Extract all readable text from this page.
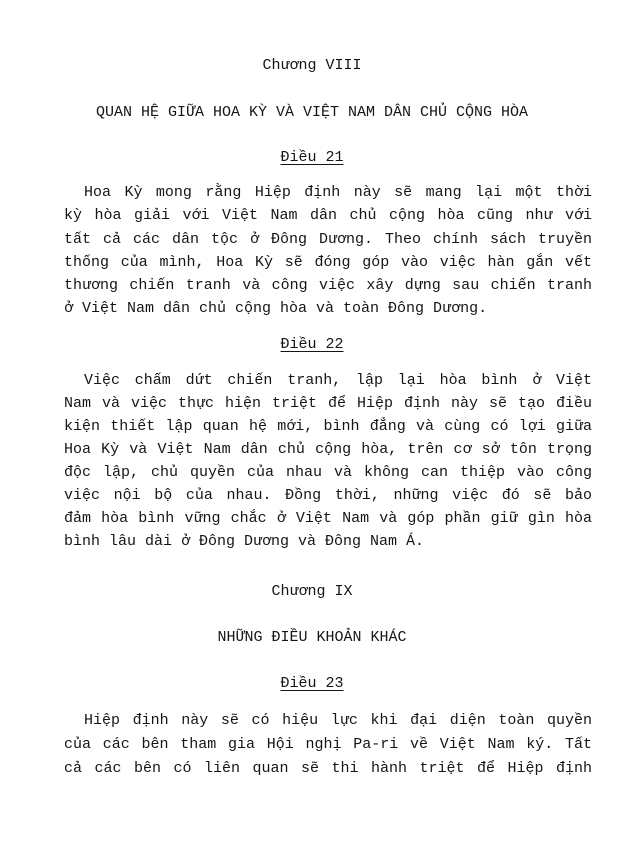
Chương VIII
QUAN HỆ GIỮA HOA KỲ VÀ VIỆT NAM DÂN CHỦ CỘNG HÒA
Điều 21
Hoa Kỳ mong rằng Hiệp định này sẽ mang lại một thời
kỳ hòa giải với Việt Nam dân chủ cộng hòa cũng như với
tất cả các dân tộc ở Đông Dương. Theo chính sách truyền
thống của mình, Hoa Kỳ sẽ đóng góp vào việc hàn gắn vết
thương chiến tranh và công việc xây dựng sau chiến tranh
ở Việt Nam dân chủ cộng hòa và toàn Đông Dương.
Điều 22
Việc chấm dứt chiến tranh, lập lại hòa bình ở Việt
Nam và việc thực hiện triệt để Hiệp định này sẽ tạo điều
kiện thiết lập quan hệ mới, bình đẳng và cùng có lợi giữa
Hoa Kỳ và Việt Nam dân chủ cộng hòa, trên cơ sở tôn trọng
độc lập, chủ quyền của nhau và không can thiệp vào công
việc nội bộ của nhau. Đồng thời, những việc đó sẽ bảo
đảm hòa bình vững chắc ở Việt Nam và góp phần giữ gìn hòa
bình lâu dài ở Đông Dương và Đông Nam Á.
Chương IX
NHỮNG ĐIỀU KHOẢN KHÁC
Điều 23
Hiệp định này sẽ có hiệu lực khi đại diện toàn quyền
của các bên tham gia Hội nghị Pa-ri về Việt Nam ký. Tất
cả các bên có liên quan sẽ thi hành triệt để Hiệp định
